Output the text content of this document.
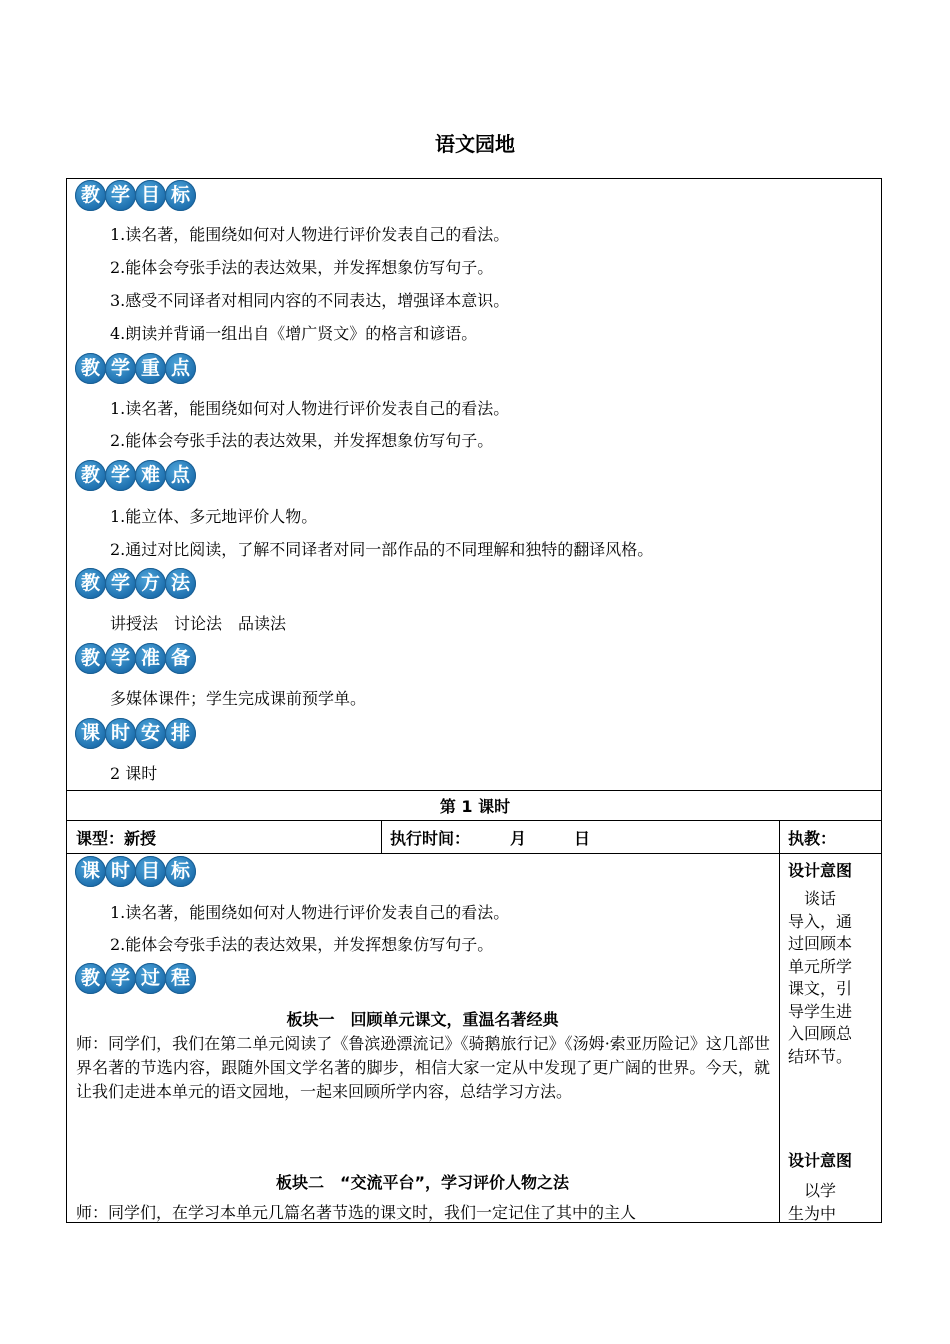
语文园地
教 学 目 标
1.读名著，能围绕如何对人物进行评价发表自己的看法。
2.能体会夸张手法的表达效果，并发挥想象仿写句子。
3.感受不同译者对相同内容的不同表达，增强译本意识。
4.朗读并背诵一组出自《增广贤文》的格言和谚语。
教 学 重 点
1.读名著，能围绕如何对人物进行评价发表自己的看法。
2.能体会夸张手法的表达效果，并发挥想象仿写句子。
教 学 难 点
1.能立体、多元地评价人物。
2.通过对比阅读，了解不同译者对同一部作品的不同理解和独特的翻译风格。
教 学 方 法
讲授法　讨论法　品读法
教 学 准 备
多媒体课件；学生完成课前预学单。
课 时 安 排
2 课时
第 1 课时
课型：新授	执行时间：　　　月　　　日	执教：
课 时 目 标
1.读名著，能围绕如何对人物进行评价发表自己的看法。
2.能体会夸张手法的表达效果，并发挥想象仿写句子。
教 学 过 程
板块一　回顾单元课文，重温名著经典
师：同学们，我们在第二单元阅读了《鲁滨逊漂流记》《骑鹅旅行记》《汤姆·索亚历险记》这几部世界名著的节选内容，跟随外国文学名著的脚步，相信大家一定从中发现了更广阔的世界。今天，就让我们走进本单元的语文园地，一起来回顾所学内容，总结学习方法。
板块二　“交流平台”，学习评价人物之法
师：同学们，在学习本单元几篇名著节选的课文时，我们一定记住了其中的主人
设计意图
　谈话
导入，通
过回顾本
单元所学
课文，引
导学生进
入回顾总
结环节。
设计意图
　以学
生为中
